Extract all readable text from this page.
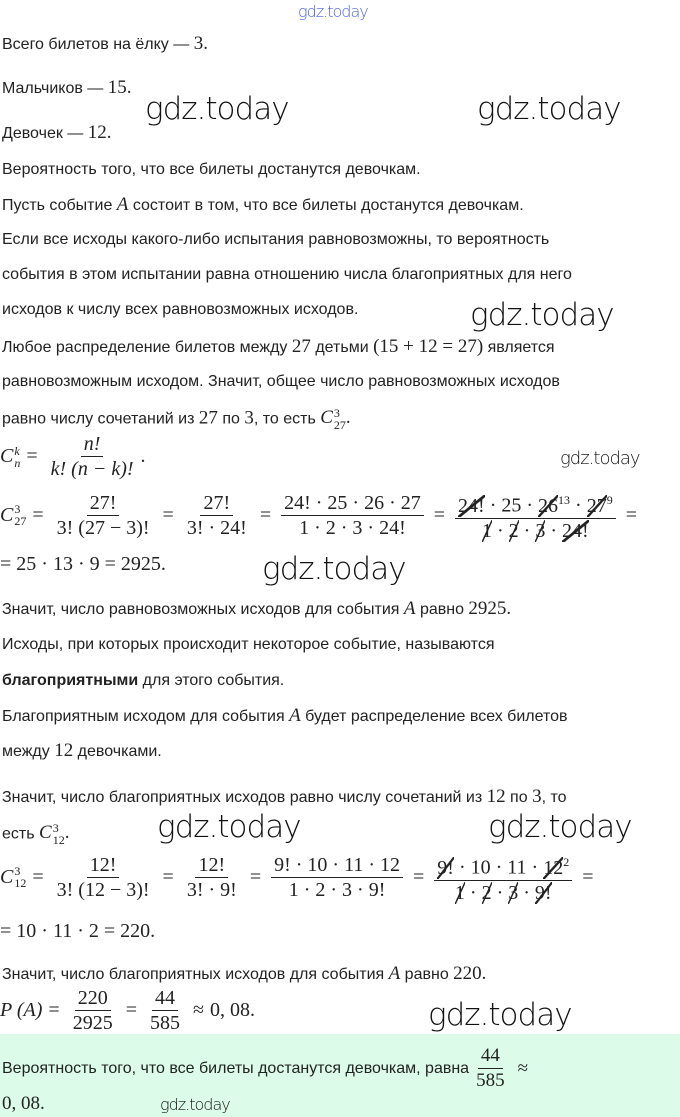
gdz.today
Всего билетов на ёлку — 3.
Мальчиков — 15.
gdz.today	gdz.today
Девочек — 12.
Вероятность того, что все билеты достанутся девочкам.
Пусть событие A состоит в том, что все билеты достанутся девочкам.
Если все исходы какого-либо испытания равновозможны, то вероятность
события в этом испытании равна отношению числа благоприятных для него
исходов к числу всех равновозможных исходов.	gdz.today
Любое распределение билетов между 27 детьми (15 + 12 = 27) является
равновозможным исходом. Значит, общее число равновозможных исходов
равно числу сочетаний из 27 по 3, то есть C 3
27 .
gdz.today
C k
$n = \frac{n!}{k! (n - k)!}$ .
C 3
$27 = \frac{27!}{3! (27 - 3)!} = \frac{27!}{3! \cdot 24!} = \frac{24! \cdot 25 \cdot 26 \cdot 27}{1 \cdot 2 \cdot 3 \cdot 24!} = \frac{24! \cdot 25 \cdot 26^{13} \cdot 27^9}{1 \cdot 2 \cdot 3 \cdot 24!}$ =
= 25 · 13 · 9 = 2925.	gdz.today
Значит, число равновозможных исходов для события A равно 2925.
Исходы, при которых происходит некоторое событие, называются
благоприятными для этого события.
Благоприятным исходом для события A будет распределение всех билетов
между 12 девочками.
Значит, число благоприятных исходов равно числу сочетаний из 12 по 3, то
gdz.today	gdz.today
есть C 3
12 .
C 3
$12 = \frac{12!}{3! (12 - 3)!} = \frac{12!}{3! \cdot 9!} = \frac{9! \cdot 10 \cdot 11 \cdot 12}{1 \cdot 2 \cdot 3 \cdot 9!} = \frac{9! \cdot 10 \cdot 11 \cdot 12^2}{1 \cdot 2 \cdot 3 \cdot 9!}$ =
= 10 · 11 · 2 = 220.
Значит, число благоприятных исходов для события A равно 220.
P $(A) = \frac{220}{2925} = \frac{44}{585} \approx 0$, 08.	gdz.today
Вероятность того, что все билеты достанутся девочкам, равна $\frac{44}{585}$ ≈
0, 08.	gdz.today
